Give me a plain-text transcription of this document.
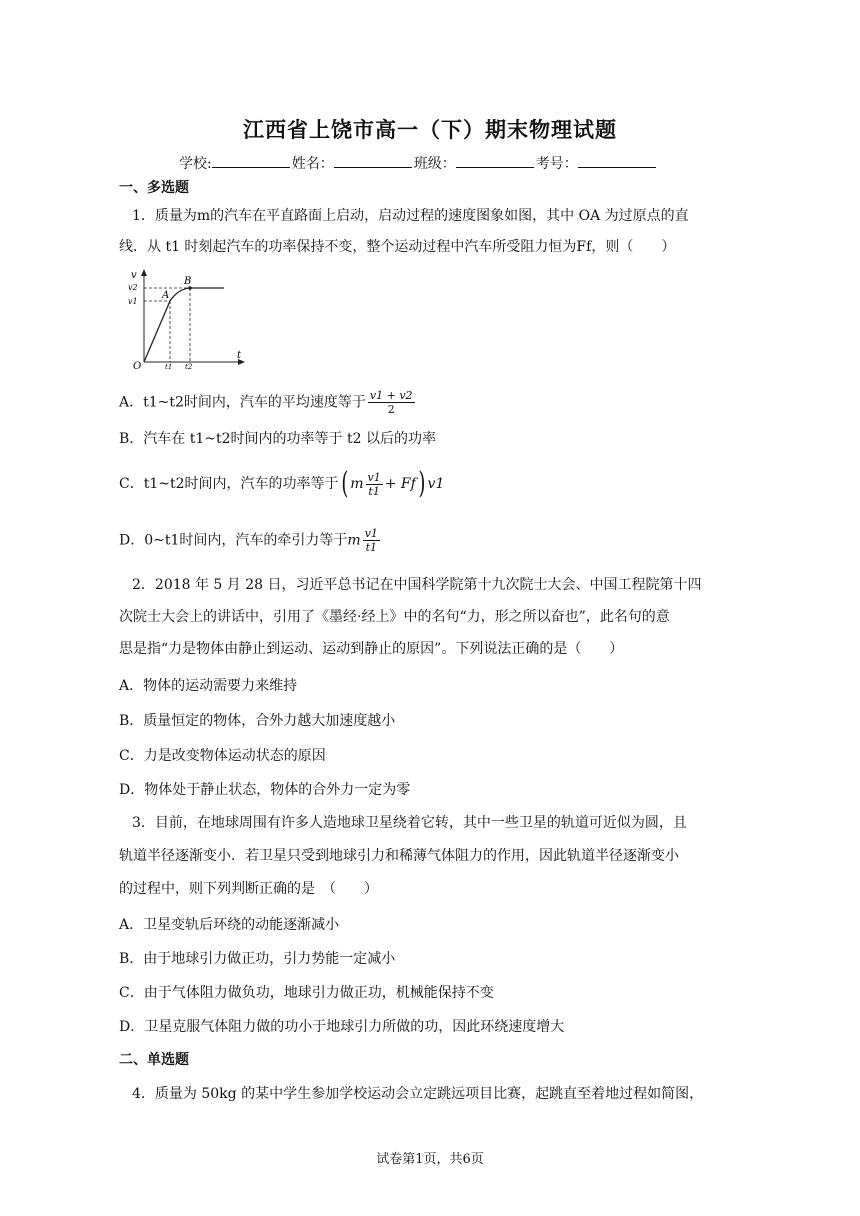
江西省上饶市高一（下）期末物理试题
学校:	姓名：	班级：	考号：
一、多选题
1．质量为m的汽车在平直路面上启动，启动过程的速度图象如图，其中 OA 为过原点的直
线．从 t1 时刻起汽车的功率保持不变，整个运动过程中汽车所受阻力恒为Ff，则（　　）
v
t
O
A
B
v2
v1
t1 t2
A．t1~t2时间内，汽车的平均速度等于 $\frac{v1 + v2}{2}$
B．汽车在 t1~t2时间内的功率等于 t2 以后的功率
C．t1~t2时间内，汽车的功率等于( m $\frac{v1}{t1} + Ff$) v1
D．0~t1时间内，汽车的牵引力等于m $\frac{v1}{t1}$
2．2018 年 5 月 28 日，习近平总书记在中国科学院第十九次院士大会、中国工程院第十四
次院士大会上的讲话中，引用了《墨经·经上》中的名句“力，形之所以奋也”，此名句的意
思是指“力是物体由静止到运动、运动到静止的原因”。下列说法正确的是（　　）
A．物体的运动需要力来维持
B．质量恒定的物体，合外力越大加速度越小
C．力是改变物体运动状态的原因
D．物体处于静止状态，物体的合外力一定为零
3．目前，在地球周围有许多人造地球卫星绕着它转，其中一些卫星的轨道可近似为圆，且
轨道半径逐渐变小．若卫星只受到地球引力和稀薄气体阻力的作用，因此轨道半径逐渐变小
的过程中，则下列判断正确的是　（　　）
A．卫星变轨后环绕的动能逐渐减小
B．由于地球引力做正功，引力势能一定减小
C．由于气体阻力做负功，地球引力做正功，机械能保持不变
D．卫星克服气体阻力做的功小于地球引力所做的功，因此环绕速度增大
二、单选题
4．质量为 50kg 的某中学生参加学校运动会立定跳远项目比赛，起跳直至着地过程如简图，
试卷第1页，共6页
